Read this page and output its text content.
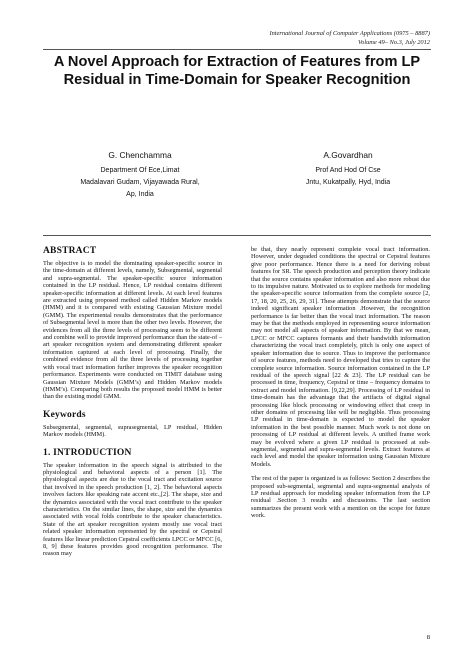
International Journal of Computer Applications (0975 – 8887)
Volume 49– No.3, July 2012
A Novel Approach for Extraction of Features from LP Residual in Time-Domain for Speaker Recognition
G. Chenchamma
Department Of Ece,Limat
Madalavari Gudam, Vijayawada Rural, Ap, India
A.Govardhan
Prof And Hod Of Cse
Jntu, Kukatpally, Hyd, India
ABSTRACT

The objective is to model the dominating speaker-specific source in the time-domain at different levels, namely, Subsegmental, segmental and supra-segmental. The speaker-specific source information contained in the LP residual. Hence, LP residual contains different speaker-specific information at different levels. At each level features are extracted using proposed method called Hidden Markov models (HMM) and it is compared with existing Gaussian Mixture model (GMM). The experimental results demonstrates that the performance of Subsegmental level is more than the other two levels. However, the evidences from all the three levels of processing seem to be different and combine well to provide improved performance than the state-of –art speaker recognition system and demonstrating different speaker information captured at each level of processing. Finally, the combined evidence from all the three levels of processing together with vocal tract information further improves the speaker recognition performance. Experiments were conducted on TIMIT database using Gaussian Mixture Models (GMM’s) and Hidden Markov models (HMM’s). Comparing both results the proposed model HMM is better than the existing model GMM.

Keywords

Subsegmental, segmental, suprasegmental, LP residual, Hidden Markov models (HMM).

1. INTRODUCTION

The speaker information in the speech signal is attributed to the physiological and behavioral aspects of a person [1]. The physiological aspects are due to the vocal tract and excitation source that involved in the speech production [1, 2]. The behavioral aspects involves factors like speaking rate accent etc.,[2]. The shape, size and the dynamics associated with the vocal tract contribute to the speaker characteristics. On the similar lines, the shape, size and the dynamics associated with vocal folds contribute to the speaker characteristics. State of the art speaker recognition system mostly use vocal tract related speaker information represented by the spectral or Cepstral features like linear prediction Cepstral coefficients LPCC or MFCC [6, 8, 9] these features provides good recognition performance. The reason may

be that, they nearly represent complete vocal tract information. However, under degraded conditions the spectral or Cepstral features give poor performance. Hence there is a need for deriving robust features for SR. The speech production and perception theory indicate that the source contains speaker information and also more robust due to its impulsive nature. Motivated us to explore methods for modeling the speaker-specific source information from the complete source [2, 17, 18, 20, 25, 26, 29, 31]. These attempts demonstrate that the source indeed significant speaker information .However, the recognition performance is far better than the vocal tract information. The reason may be that the methods employed in representing source information may not model all aspects of speaker information. By that we mean, LPCC or MFCC captures formants and their bandwidth information characterizing the vocal tract completely, pitch is only one aspect of speaker information due to source. Thus to improve the performance of source features, methods need to developed that tries to capture the complete source information. Source information contained in the LP residual of the speech signal [22 & 23]. The LP residual can be processed in time, frequency, Cepstral or time – frequency domains to extract and model information. [9,22,29]. Processing of LP residual in time-domain has the advantage that the artifacts of digital signal processing like block processing or windowing effect that creep in other domains of processing like will be negligible. Thus processing LP residual in time-domain is expected to model the speaker information in the best possible manner. Much work is not done on processing of LP residual at different levels. A unified frame work may be evolved where a given LP residual is processed at sub-segmental, segmental and supra-segmental levels. Extract features at each level and model the speaker information using Gaussian Mixture Models.

The rest of the paper is organized is as follows: Section 2 describes the proposed sub-segmental, segmental and supra-segmental analysis of LP residual approach for modeling speaker information from the LP residual .Section 3 results and discussions. The last section summarizes the present work with a mention on the scope for future work.

8
